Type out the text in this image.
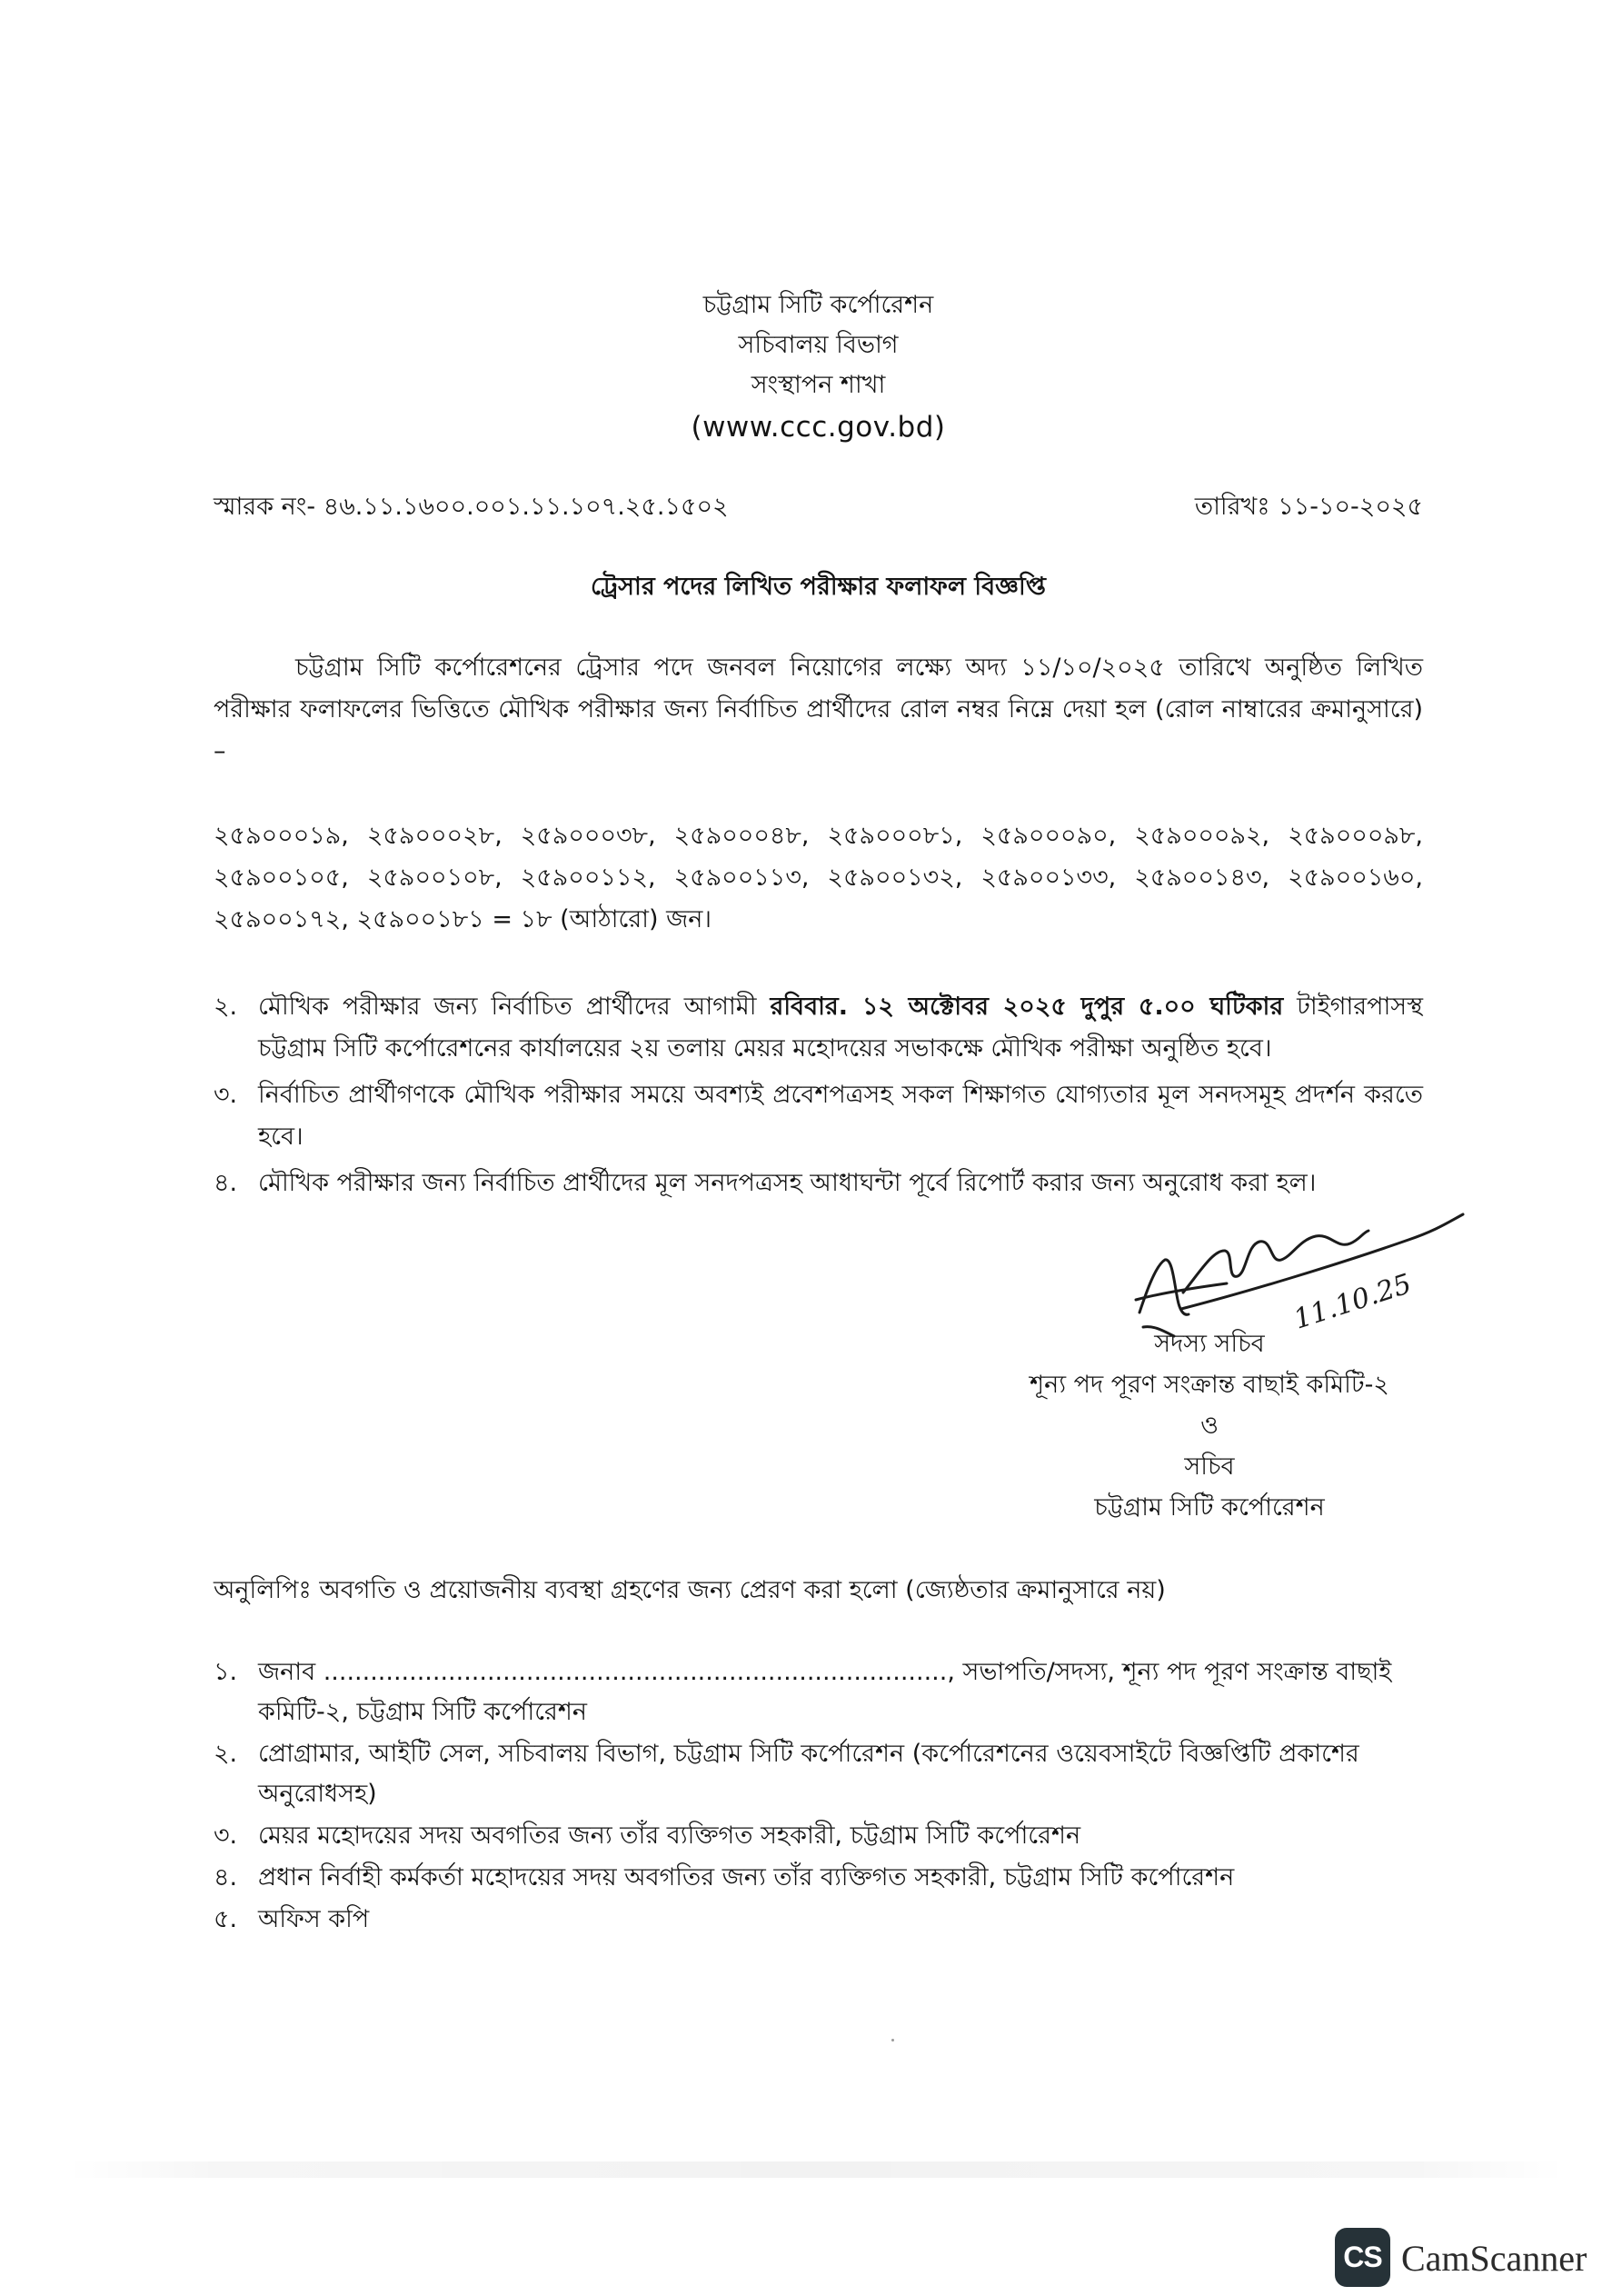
চট্টগ্রাম সিটি কর্পোরেশন
সচিবালয় বিভাগ
সংস্থাপন শাখা
(www.ccc.gov.bd)
স্মারক নং- ৪৬.১১.১৬০০.০০১.১১.১০৭.২৫.১৫০২	তারিখঃ ১১-১০-২০২৫
ট্রেসার পদের লিখিত পরীক্ষার ফলাফল বিজ্ঞপ্তি

চট্টগ্রাম সিটি কর্পোরেশনের ট্রেসার পদে জনবল নিয়োগের লক্ষ্যে অদ্য ১১/১০/২০২৫ তারিখে অনুষ্ঠিত লিখিত পরীক্ষার ফলাফলের ভিত্তিতে মৌখিক পরীক্ষার জন্য নির্বাচিত প্রার্থীদের রোল নম্বর নিম্নে দেয়া হল (রোল নাম্বারের ক্রমানুসারে) –

২৫৯০০০১৯, ২৫৯০০০২৮, ২৫৯০০০৩৮, ২৫৯০০০৪৮, ২৫৯০০০৮১, ২৫৯০০০৯০, ২৫৯০০০৯২, ২৫৯০০০৯৮, ২৫৯০০১০৫, ২৫৯০০১০৮, ২৫৯০০১১২, ২৫৯০০১১৩, ২৫৯০০১৩২, ২৫৯০০১৩৩, ২৫৯০০১৪৩, ২৫৯০০১৬০, ২৫৯০০১৭২, ২৫৯০০১৮১ = ১৮ (আঠারো) জন।

২. মৌখিক পরীক্ষার জন্য নির্বাচিত প্রার্থীদের আগামী রবিবার. ১২ অক্টোবর ২০২৫ দুপুর ৫.০০ ঘটিকার টাইগারপাসস্থ চট্টগ্রাম সিটি কর্পোরেশনের কার্যালয়ের ২য় তলায় মেয়র মহোদয়ের সভাকক্ষে মৌখিক পরীক্ষা অনুষ্ঠিত হবে।
৩. নির্বাচিত প্রার্থীগণকে মৌখিক পরীক্ষার সময়ে অবশ্যই প্রবেশপত্রসহ সকল শিক্ষাগত যোগ্যতার মূল সনদসমূহ প্রদর্শন করতে হবে।
৪. মৌখিক পরীক্ষার জন্য নির্বাচিত প্রার্থীদের মূল সনদপত্রসহ আধাঘন্টা পূর্বে রিপোর্ট করার জন্য অনুরোধ করা হল।
11.10.25
সদস্য সচিব
শূন্য পদ পূরণ সংক্রান্ত বাছাই কমিটি-২
ও
সচিব
চট্টগ্রাম সিটি কর্পোরেশন
অনুলিপিঃ অবগতি ও প্রয়োজনীয় ব্যবস্থা গ্রহণের জন্য প্রেরণ করা হলো (জ্যেষ্ঠতার ক্রমানুসারে নয়)
১. জনাব ................................................................................, সভাপতি/সদস্য, শূন্য পদ পূরণ সংক্রান্ত বাছাই কমিটি-২, চট্টগ্রাম সিটি কর্পোরেশন
২. প্রোগ্রামার, আইটি সেল, সচিবালয় বিভাগ, চট্টগ্রাম সিটি কর্পোরেশন (কর্পোরেশনের ওয়েবসাইটে বিজ্ঞপ্তিটি প্রকাশের অনুরোধসহ)
৩. মেয়র মহোদয়ের সদয় অবগতির জন্য তাঁর ব্যক্তিগত সহকারী, চট্টগ্রাম সিটি কর্পোরেশন
৪. প্রধান নির্বাহী কর্মকর্তা মহোদয়ের সদয় অবগতির জন্য তাঁর ব্যক্তিগত সহকারী, চট্টগ্রাম সিটি কর্পোরেশন
৫. অফিস কপি
CS CamScanner
